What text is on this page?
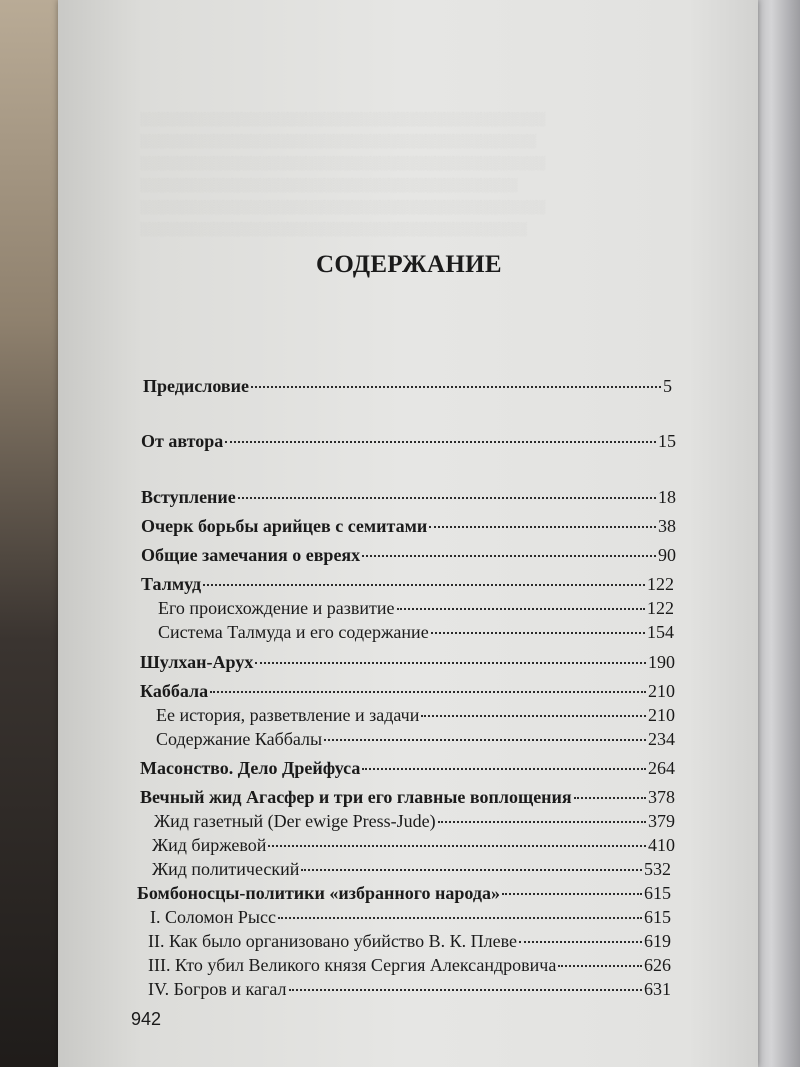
░░░░░░░░░░░░░░░░░░░░░░░░░░░░░░░░░░░░░░░░░░░░
░░░░░░░░░░░░░░░░░░░░░░░░░░░░░░░░░░░░░░░░░░░
░░░░░░░░░░░░░░░░░░░░░░░░░░░░░░░░░░░░░░░░░░░░
░░░░░░░░░░░░░░░░░░░░░░░░░░░░░░░░░░░░░░░░░
░░░░░░░░░░░░░░░░░░░░░░░░░░░░░░░░░░░░░░░░░░░░
░░░░░░░░░░░░░░░░░░░░░░░░░░░░░░░░░░░░░░░░░░
СОДЕРЖАНИЕ
Предисловие	5
От автора	15
Вступление	18
Очерк борьбы арийцев с семитами	38
Общие замечания о евреях	90
Талмуд	122
Его происхождение и развитие	122
Система Талмуда и его содержание	154
Шулхан-Арух	190
Каббала	210
Ее история, разветвление и задачи	210
Содержание Каббалы	234
Масонство. Дело Дрейфуса	264
Вечный жид Агасфер и три его главные воплощения	378
Жид газетный (Der ewige Press-Jude)	379
Жид биржевой	410
Жид политический	532
Бомбоносцы-политики «избранного народа»	615
I. Соломон Рысс	615
II. Как было организовано убийство В. К. Плеве	619
III. Кто убил Великого князя Сергия Александровича	626
IV. Богров и кагал	631
942
